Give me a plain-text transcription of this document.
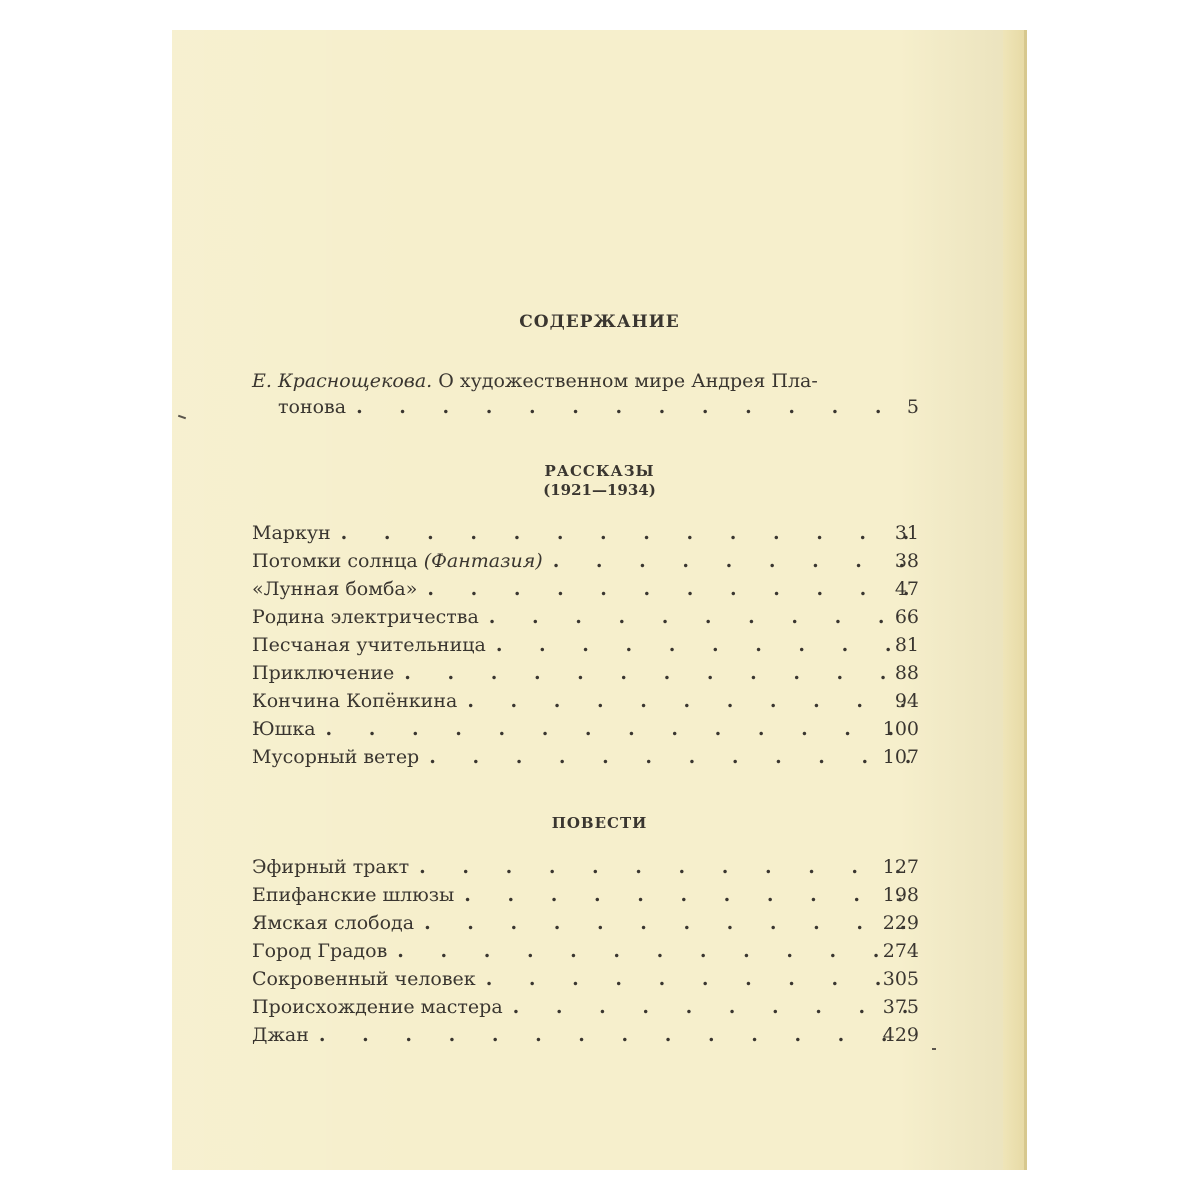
СОДЕРЖАНИЕ
Е. Краснощекова. О художественном мире Андрея Пла-
тонова . . .	5
РАССКАЗЫ
(1921—1934)
Маркун . . .	31
Потомки солнца (Фантазия) . . .	38
«Лунная бомба» . . .	47
Родина электричества . . .	66
Песчаная учительница . . .	81
Приключение . . .	88
Кончина Копёнкина . . .	94
Юшка . . .	100
Мусорный ветер . . .	107
ПОВЕСТИ
Эфирный тракт . . .	127
Епифанские шлюзы . . .	198
Ямская слобода . . .	229
Город Градов . . .	274
Сокровенный человек . . .	305
Происхождение мастера . . .	375
Джан . . .	429
